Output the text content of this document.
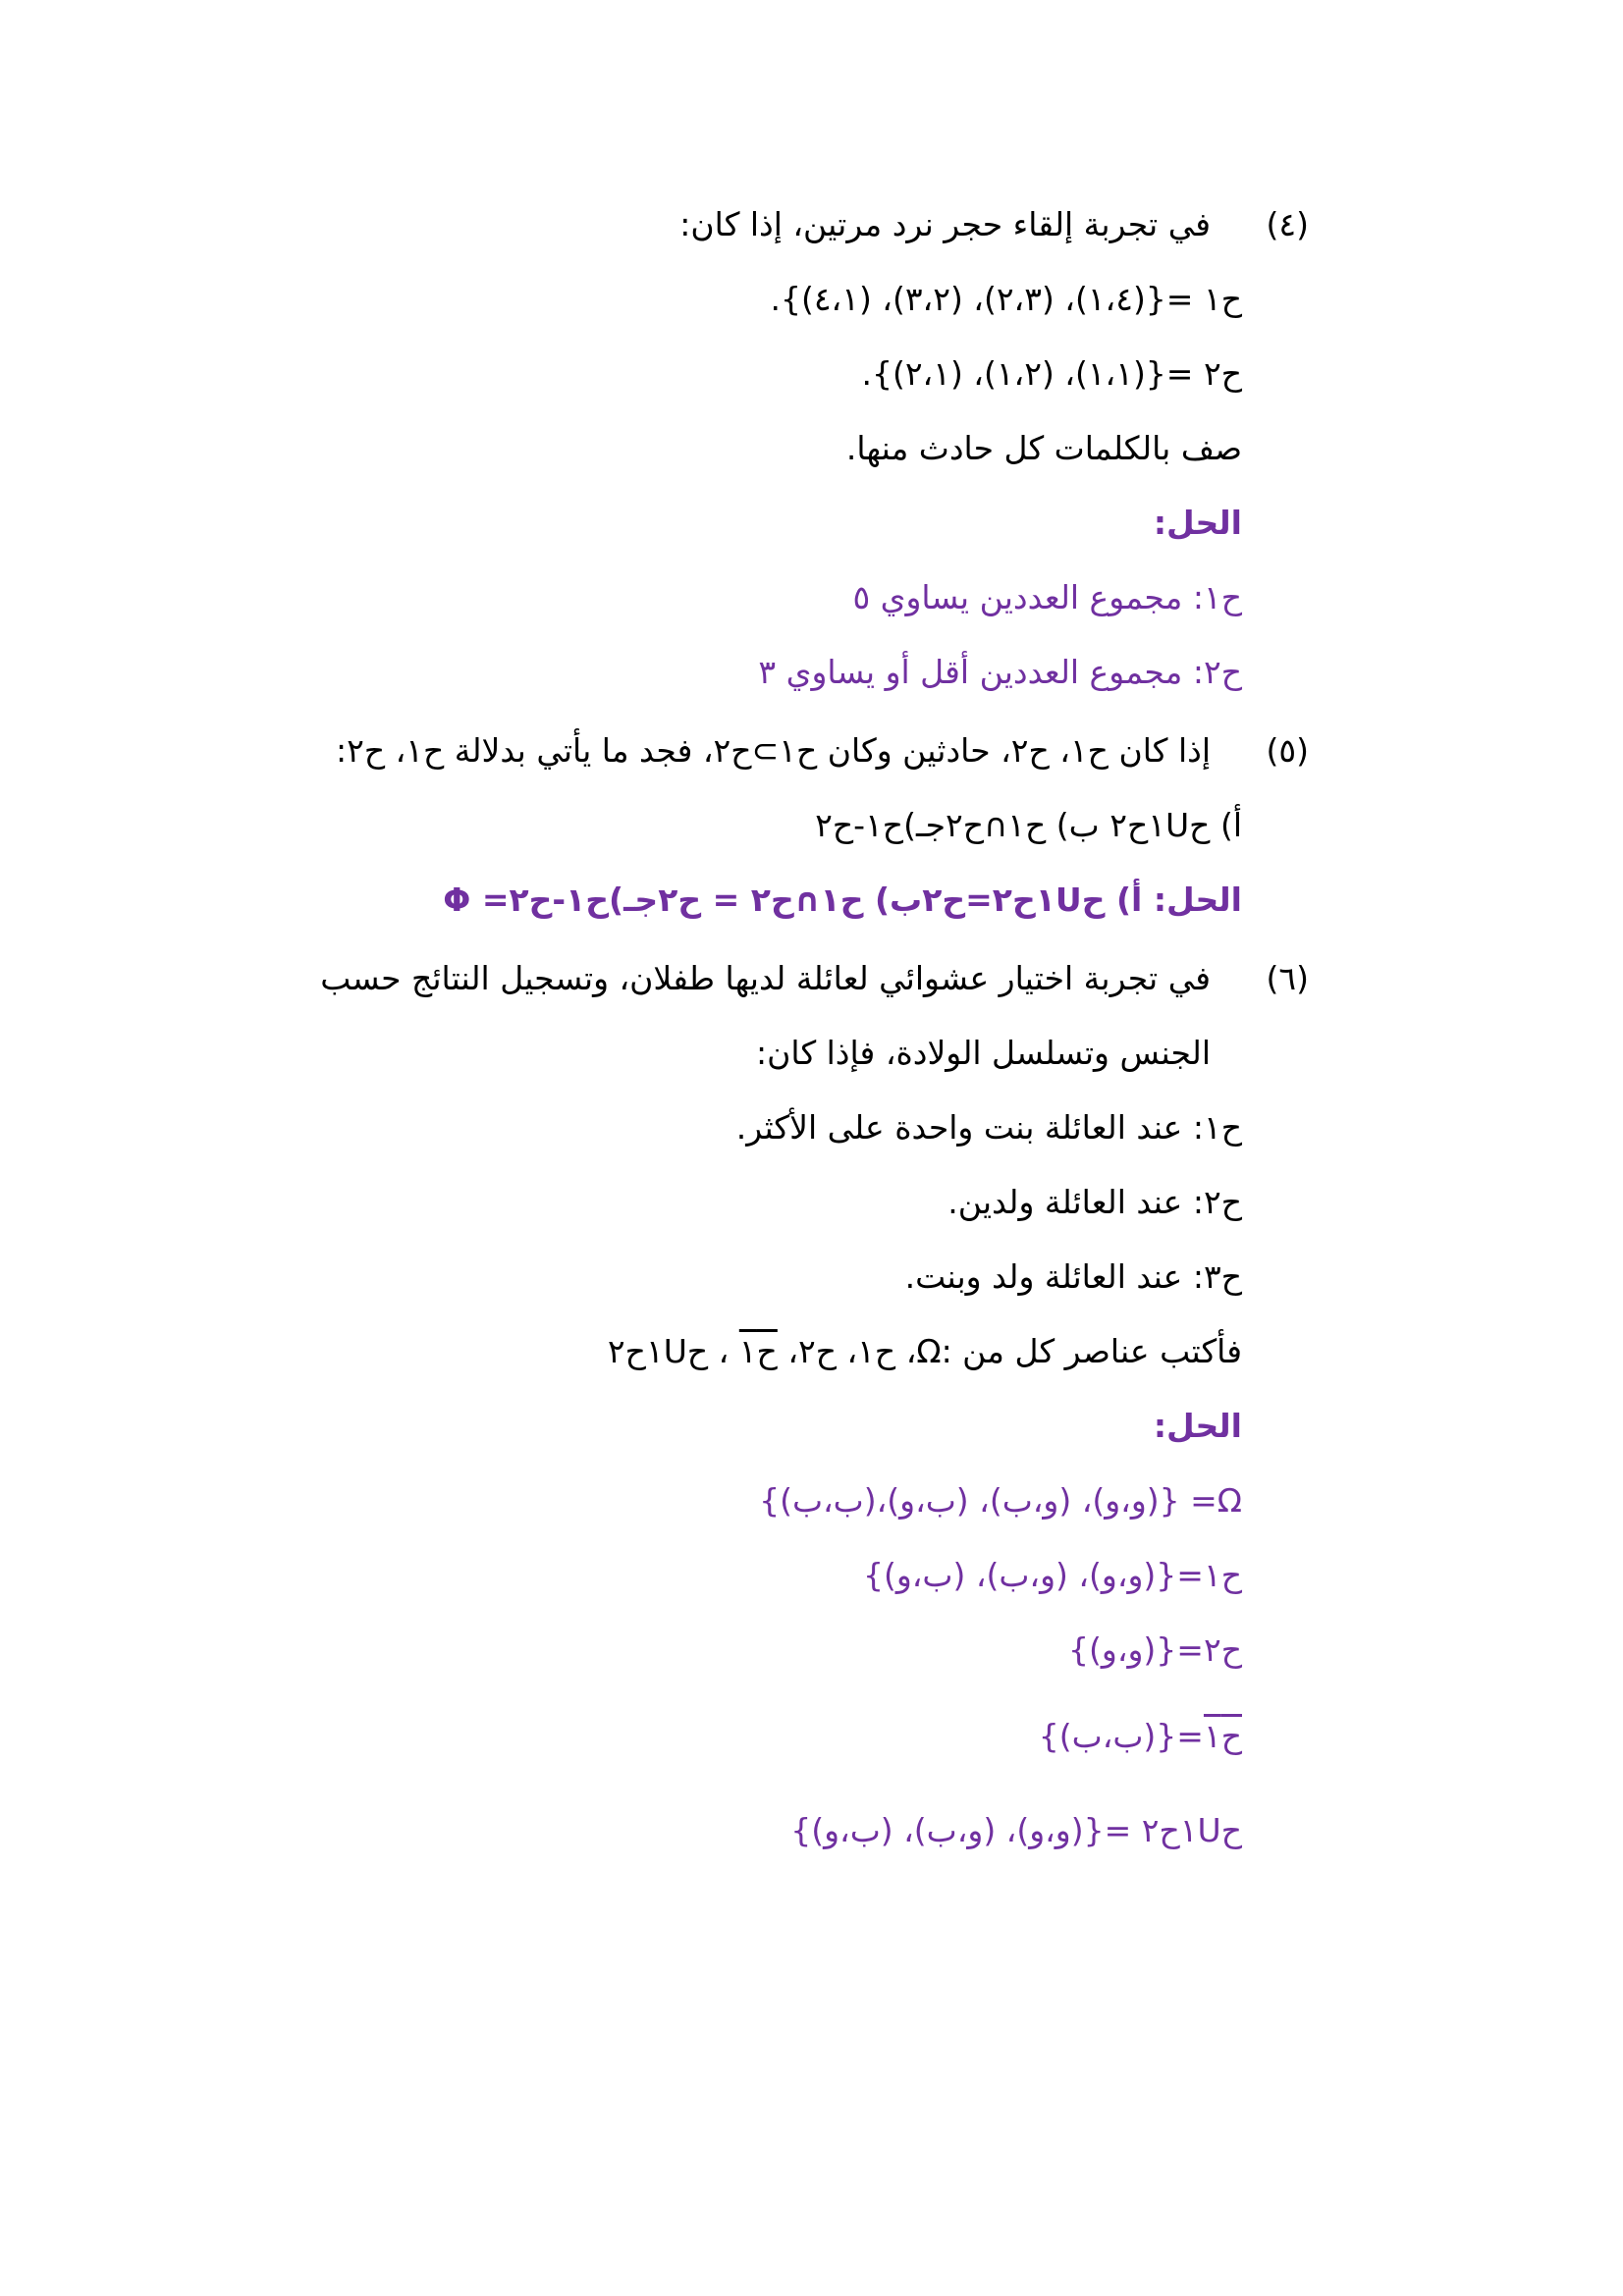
(٤)
في تجربة إلقاء حجر نرد مرتين، إذا كان:
ح١ ={(١،٤)، (٢،٣)، (٣،٢)، (٤،١)}.
ح٢ ={(١،١)، (١،٢)، (٢،١)}.
صف بالكلمات كل حادث منها.
الحل:
ح١: مجموع العددين يساوي ٥
ح٢: مجموع العددين أقل أو يساوي ٣
(٥)
إذا كان ح١، ح٢، حادثين وكان ح١⊃ح٢، فجد ما يأتي بدلالة ح١، ح٢:
أ) ح١Uح٢ ب) ح١∩ح٢جـ)ح١-ح٢
الحل: أ) ح١Uح٢=ح٢ب) ح١∩ح٢ = ح٢جـ)ح١-ح٢= Φ
(٦)
في تجربة اختيار عشوائي لعائلة لديها طفلان، وتسجيل النتائج حسب
الجنس وتسلسل الولادة، فإذا كان:
ح١: عند العائلة بنت واحدة على الأكثر.
ح٢: عند العائلة ولدين.
ح٣: عند العائلة ولد وبنت.
فأكتب عناصر كل من :Ω، ح١، ح٢، ح١ ، ح١Uح٢
الحل:
Ω= {(و،و)، (و،ب)، (ب،و)،(ب،ب)}
ح١={(و،و)، (و،ب)، (ب،و)}
ح٢={(و،و)}
ح١={(ب،ب)}
ح١Uح٢ ={(و،و)، (و،ب)، (ب،و)}
